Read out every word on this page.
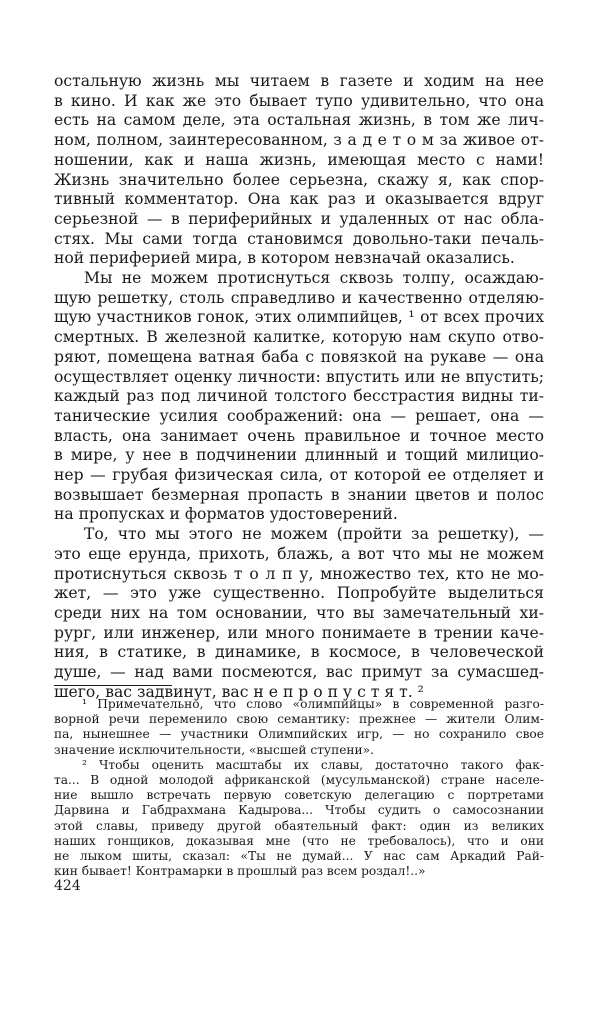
остальную жизнь мы читаем в газете и ходим на нее
в кино. И как же это бывает тупо удивительно, что она
есть на самом деле, эта остальная жизнь, в том же лич-
ном, полном, заинтересованном, з а д е т о м за живое от-
ношении, как и наша жизнь, имеющая место с нами!
Жизнь значительно более серьезна, скажу я, как спор-
тивный комментатор. Она как раз и оказывается вдруг
серьезной — в периферийных и удаленных от нас обла-
стях. Мы сами тогда становимся довольно-таки печаль-
ной периферией мира, в котором невзначай оказались.
Мы не можем протиснуться сквозь толпу, осаждаю-
щую решетку, столь справедливо и качественно отделяю-
щую участников гонок, этих олимпийцев, ¹ от всех прочих
смертных. В железной калитке, которую нам скупо отво-
ряют, помещена ватная баба с повязкой на рукаве — она
осуществляет оценку личности: впустить или не впустить;
каждый раз под личиной толстого бесстрастия видны ти-
танические усилия соображений: она — решает, она —
власть, она занимает очень правильное и точное место
в мире, у нее в подчинении длинный и тощий милицио-
нер — грубая физическая сила, от которой ее отделяет и
возвышает безмерная пропасть в знании цветов и полос
на пропусках и форматов удостоверений.
То, что мы этого не можем (пройти за решетку), —
это еще ерунда, прихоть, блажь, а вот что мы не можем
протиснуться сквозь т о л п у, множество тех, кто не мо-
жет, — это уже существенно. Попробуйте выделиться
среди них на том основании, что вы замечательный хи-
рург, или инженер, или много понимаете в трении каче-
ния, в статике, в динамике, в космосе, в человеческой
душе, — над вами посмеются, вас примут за сумасшед-
шего, вас задвинут, вас н е п р о п у с т я т. ²
¹ Примечательно, что слово «олимпийцы» в современной разго-
ворной речи переменило свою семантику: прежнее — жители Олим-
па, нынешнее — участники Олимпийских игр, — но сохранило свое
значение исключительности, «высшей ступени».
² Чтобы оценить масштабы их славы, достаточно такого фак-
та... В одной молодой африканской (мусульманской) стране населе-
ние вышло встречать первую советскую делегацию с портретами
Дарвина и Габдрахмана Кадырова... Чтобы судить о самосознании
этой славы, приведу другой обаятельный факт: один из великих
наших гонщиков, доказывая мне (что не требовалось), что и они
не лыком шиты, сказал: «Ты не думай... У нас сам Аркадий Рай-
кин бывает! Контрамарки в прошлый раз всем роздал!..»
424
